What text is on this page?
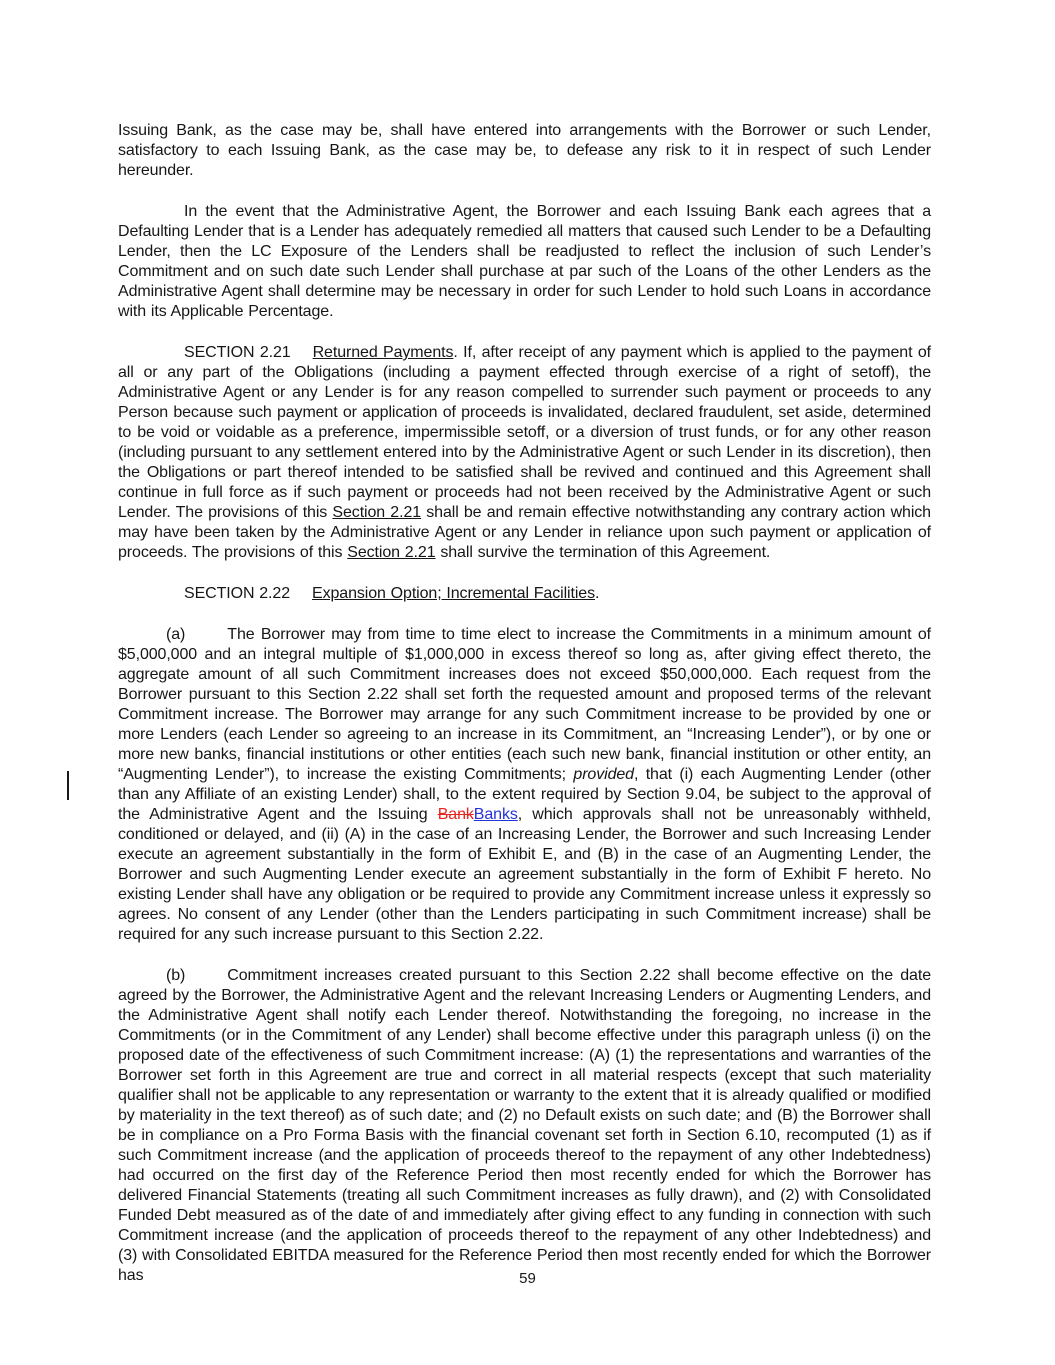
Issuing Bank, as the case may be, shall have entered into arrangements with the Borrower or such Lender, satisfactory to each Issuing Bank, as the case may be, to defease any risk to it in respect of such Lender hereunder.

In the event that the Administrative Agent, the Borrower and each Issuing Bank each agrees that a Defaulting Lender that is a Lender has adequately remedied all matters that caused such Lender to be a Defaulting Lender, then the LC Exposure of the Lenders shall be readjusted to reflect the inclusion of such Lender’s Commitment and on such date such Lender shall purchase at par such of the Loans of the other Lenders as the Administrative Agent shall determine may be necessary in order for such Lender to hold such Loans in accordance with its Applicable Percentage.

SECTION 2.21 Returned Payments. If, after receipt of any payment which is applied to the payment of all or any part of the Obligations (including a payment effected through exercise of a right of setoff), the Administrative Agent or any Lender is for any reason compelled to surrender such payment or proceeds to any Person because such payment or application of proceeds is invalidated, declared fraudulent, set aside, determined to be void or voidable as a preference, impermissible setoff, or a diversion of trust funds, or for any other reason (including pursuant to any settlement entered into by the Administrative Agent or such Lender in its discretion), then the Obligations or part thereof intended to be satisfied shall be revived and continued and this Agreement shall continue in full force as if such payment or proceeds had not been received by the Administrative Agent or such Lender. The provisions of this Section 2.21 shall be and remain effective notwithstanding any contrary action which may have been taken by the Administrative Agent or any Lender in reliance upon such payment or application of proceeds. The provisions of this Section 2.21 shall survive the termination of this Agreement.

SECTION 2.22 Expansion Option; Incremental Facilities.

(a)	The Borrower may from time to time elect to increase the Commitments in a minimum amount of $5,000,000 and an integral multiple of $1,000,000 in excess thereof so long as, after giving effect thereto, the aggregate amount of all such Commitment increases does not exceed $50,000,000. Each request from the Borrower pursuant to this Section 2.22 shall set forth the requested amount and proposed terms of the relevant Commitment increase. The Borrower may arrange for any such Commitment increase to be provided by one or more Lenders (each Lender so agreeing to an increase in its Commitment, an “Increasing Lender”), or by one or more new banks, financial institutions or other entities (each such new bank, financial institution or other entity, an “Augmenting Lender”), to increase the existing Commitments; provided, that (i) each Augmenting Lender (other than any Affiliate of an existing Lender) shall, to the extent required by Section 9.04, be subject to the approval of the Administrative Agent and the Issuing BankBanks, which approvals shall not be unreasonably withheld, conditioned or delayed, and (ii) (A) in the case of an Increasing Lender, the Borrower and such Increasing Lender execute an agreement substantially in the form of Exhibit E, and (B) in the case of an Augmenting Lender, the Borrower and such Augmenting Lender execute an agreement substantially in the form of Exhibit F hereto. No existing Lender shall have any obligation or be required to provide any Commitment increase unless it expressly so agrees. No consent of any Lender (other than the Lenders participating in such Commitment increase) shall be required for any such increase pursuant to this Section 2.22.

(b)	Commitment increases created pursuant to this Section 2.22 shall become effective on the date agreed by the Borrower, the Administrative Agent and the relevant Increasing Lenders or Augmenting Lenders, and the Administrative Agent shall notify each Lender thereof. Notwithstanding the foregoing, no increase in the Commitments (or in the Commitment of any Lender) shall become effective under this paragraph unless (i) on the proposed date of the effectiveness of such Commitment increase: (A) (1) the representations and warranties of the Borrower set forth in this Agreement are true and correct in all material respects (except that such materiality qualifier shall not be applicable to any representation or warranty to the extent that it is already qualified or modified by materiality in the text thereof) as of such date; and (2) no Default exists on such date; and (B) the Borrower shall be in compliance on a Pro Forma Basis with the financial covenant set forth in Section 6.10, recomputed (1) as if such Commitment increase (and the application of proceeds thereof to the repayment of any other Indebtedness) had occurred on the first day of the Reference Period then most recently ended for which the Borrower has delivered Financial Statements (treating all such Commitment increases as fully drawn), and (2) with Consolidated Funded Debt measured as of the date of and immediately after giving effect to any funding in connection with such Commitment increase (and the application of proceeds thereof to the repayment of any other Indebtedness) and (3) with Consolidated EBITDA measured for the Reference Period then most recently ended for which the Borrower has	59
